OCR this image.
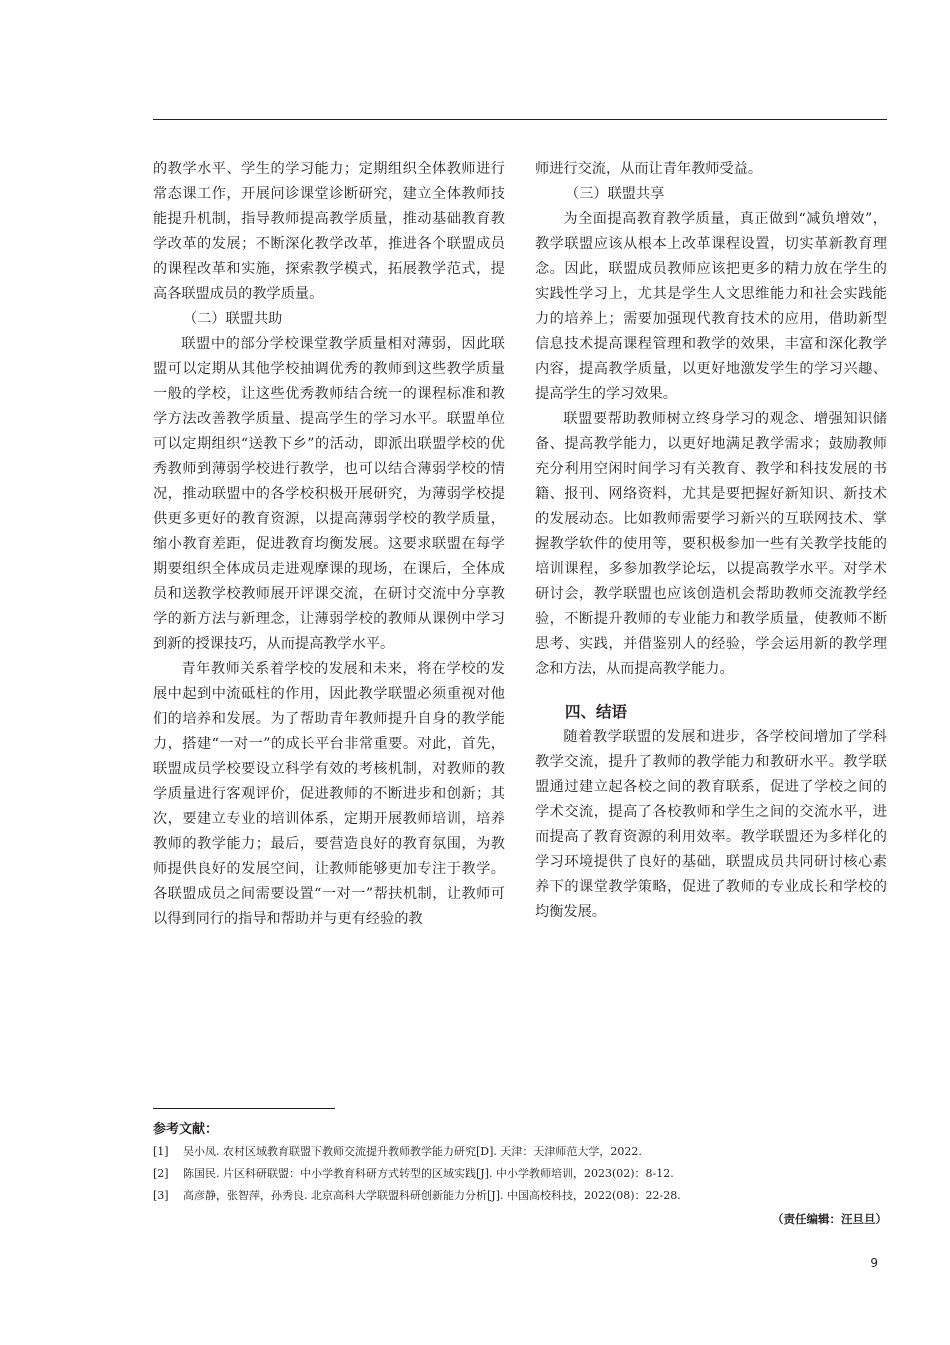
的教学水平、学生的学习能力；定期组织全体教师进行常态课工作，开展问诊课堂诊断研究，建立全体教师技能提升机制，指导教师提高教学质量，推动基础教育教学改革的发展；不断深化教学改革，推进各个联盟成员的课程改革和实施，探索教学模式，拓展教学范式，提高各联盟成员的教学质量。

（二）联盟共助

联盟中的部分学校课堂教学质量相对薄弱，因此联盟可以定期从其他学校抽调优秀的教师到这些教学质量一般的学校，让这些优秀教师结合统一的课程标准和教学方法改善教学质量、提高学生的学习水平。联盟单位可以定期组织“送教下乡”的活动，即派出联盟学校的优秀教师到薄弱学校进行教学，也可以结合薄弱学校的情况，推动联盟中的各学校积极开展研究，为薄弱学校提供更多更好的教育资源，以提高薄弱学校的教学质量，缩小教育差距，促进教育均衡发展。这要求联盟在每学期要组织全体成员走进观摩课的现场，在课后，全体成员和送教学校教师展开评课交流，在研讨交流中分享教学的新方法与新理念，让薄弱学校的教师从课例中学习到新的授课技巧，从而提高教学水平。

青年教师关系着学校的发展和未来，将在学校的发展中起到中流砥柱的作用，因此教学联盟必须重视对他们的培养和发展。为了帮助青年教师提升自身的教学能力，搭建“一对一”的成长平台非常重要。对此，首先，联盟成员学校要设立科学有效的考核机制，对教师的教学质量进行客观评价，促进教师的不断进步和创新；其次，要建立专业的培训体系，定期开展教师培训，培养教师的教学能力；最后，要营造良好的教育氛围，为教师提供良好的发展空间，让教师能够更加专注于教学。各联盟成员之间需要设置“一对一”帮扶机制，让教师可以得到同行的指导和帮助并与更有经验的教

师进行交流，从而让青年教师受益。

（三）联盟共享

为全面提高教育教学质量，真正做到“减负增效”，教学联盟应该从根本上改革课程设置，切实革新教育理念。因此，联盟成员教师应该把更多的精力放在学生的实践性学习上，尤其是学生人文思维能力和社会实践能力的培养上；需要加强现代教育技术的应用，借助新型信息技术提高课程管理和教学的效果，丰富和深化教学内容，提高教学质量，以更好地激发学生的学习兴趣、提高学生的学习效果。

联盟要帮助教师树立终身学习的观念、增强知识储备、提高教学能力，以更好地满足教学需求；鼓励教师充分利用空闲时间学习有关教育、教学和科技发展的书籍、报刊、网络资料，尤其是要把握好新知识、新技术的发展动态。比如教师需要学习新兴的互联网技术、掌握教学软件的使用等，要积极参加一些有关教学技能的培训课程，多参加教学论坛，以提高教学水平。对学术研讨会，教学联盟也应该创造机会帮助教师交流教学经验，不断提升教师的专业能力和教学质量，使教师不断思考、实践，并借鉴别人的经验，学会运用新的教学理念和方法，从而提高教学能力。

四、结语

随着教学联盟的发展和进步，各学校间增加了学科教学交流，提升了教师的教学能力和教研水平。教学联盟通过建立起各校之间的教育联系，促进了学校之间的学术交流，提高了各校教师和学生之间的交流水平，进而提高了教育资源的利用效率。教学联盟还为多样化的学习环境提供了良好的基础，联盟成员共同研讨核心素养下的课堂教学策略，促进了教师的专业成长和学校的均衡发展。

参考文献：
[1]	吴小凤. 农村区域教育联盟下教师交流提升教师教学能力研究[D]. 天津：天津师范大学，2022.
[2]	陈国民. 片区科研联盟：中小学教育科研方式转型的区域实践[J]. 中小学教师培训，2023(02)：8-12.
[3]	高彦静，张智萍，孙秀良. 北京高科大学联盟科研创新能力分析[J]. 中国高校科技，2022(08)：22-28.
（责任编辑：汪旦旦）
9
